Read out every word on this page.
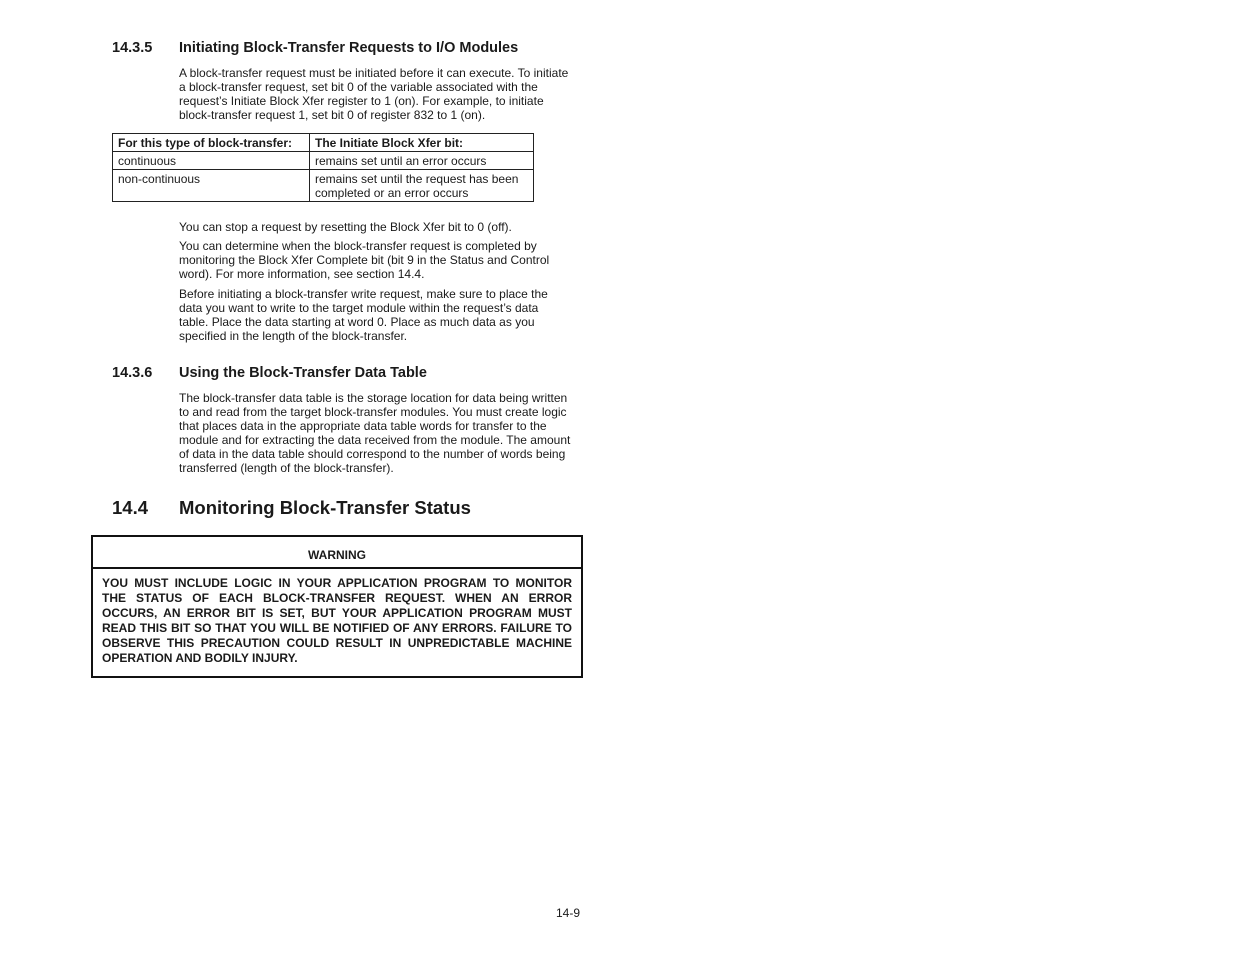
14.3.5 Initiating Block-Transfer Requests to I/O Modules

A block-transfer request must be initiated before it can execute. To initiate a block-transfer request, set bit 0 of the variable associated with the request’s Initiate Block Xfer register to 1 (on). For example, to initiate block-transfer request 1, set bit 0 of register 832 to 1 (on).

For this type of block-transfer:	The Initiate Block Xfer bit:
continuous	remains set until an error occurs
non-continuous	remains set until the request has been completed or an error occurs

You can stop a request by resetting the Block Xfer bit to 0 (off).

You can determine when the block-transfer request is completed by monitoring the Block Xfer Complete bit (bit 9 in the Status and Control word). For more information, see section 14.4.

Before initiating a block-transfer write request, make sure to place the data you want to write to the target module within the request’s data table. Place the data starting at word 0. Place as much data as you specified in the length of the block-transfer.

14.3.6 Using the Block-Transfer Data Table

The block-transfer data table is the storage location for data being written to and read from the target block-transfer modules. You must create logic that places data in the appropriate data table words for transfer to the module and for extracting the data received from the module. The amount of data in the data table should correspond to the number of words being transferred (length of the block-transfer).

14.4 Monitoring Block-Transfer Status
WARNING
YOU MUST INCLUDE LOGIC IN YOUR APPLICATION PROGRAM TO MONITOR THE STATUS OF EACH BLOCK-TRANSFER REQUEST. WHEN AN ERROR OCCURS, AN ERROR BIT IS SET, BUT YOUR APPLICATION PROGRAM MUST READ THIS BIT SO THAT YOU WILL BE NOTIFIED OF ANY ERRORS. FAILURE TO OBSERVE THIS PRECAUTION COULD RESULT IN UNPREDICTABLE MACHINE OPERATION AND BODILY INJURY.
14-9
